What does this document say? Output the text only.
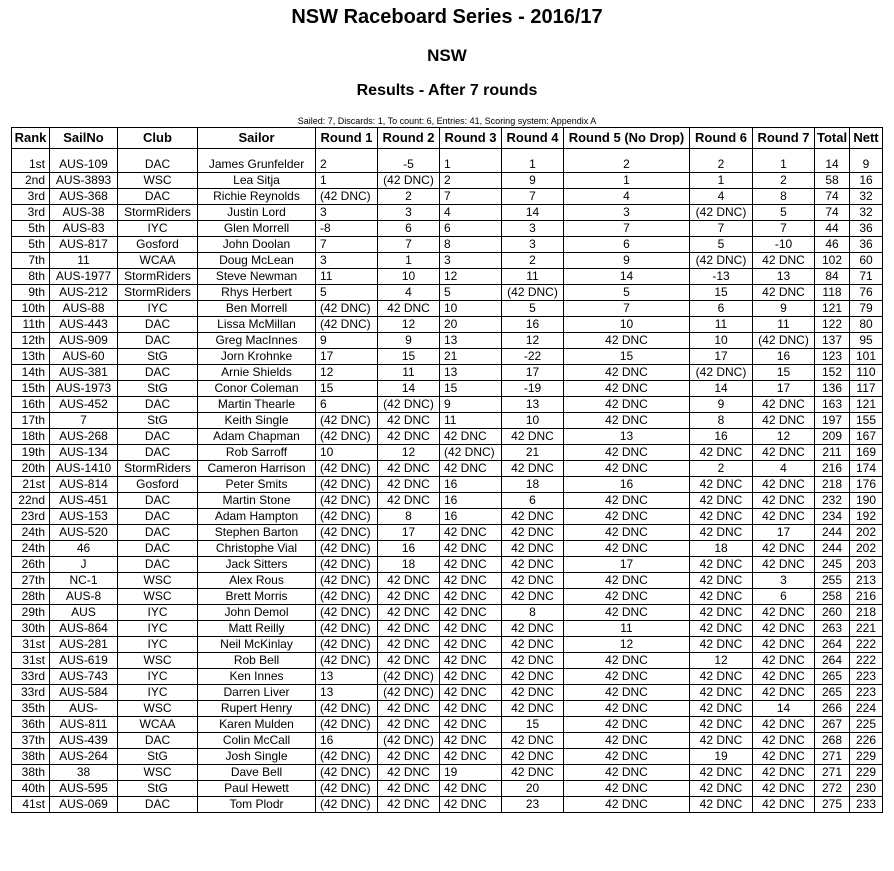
NSW Raceboard Series - 2016/17
NSW
Results - After 7 rounds
Sailed: 7, Discards: 1, To count: 6, Entries: 41, Scoring system: Appendix A
Rank	SailNo	Club	Sailor	Round 1	Round 2	Round 3	Round 4	Round 5 (No Drop)	Round 6	Round 7	Total	Nett
1st	AUS-109	DAC	James Grunfelder	2	-5	1	1	2	2	1	14	9
2nd	AUS-3893	WSC	Lea Sitja	1	(42 DNC)	2	9	1	1	2	58	16
3rd	AUS-368	DAC	Richie Reynolds	(42 DNC)	2	7	7	4	4	8	74	32
3rd	AUS-38	StormRiders	Justin Lord	3	3	4	14	3	(42 DNC)	5	74	32
5th	AUS-83	IYC	Glen Morrell	-8	6	6	3	7	7	7	44	36
5th	AUS-817	Gosford	John Doolan	7	7	8	3	6	5	-10	46	36
7th	11	WCAA	Doug McLean	3	1	3	2	9	(42 DNC)	42 DNC	102	60
8th	AUS-1977	StormRiders	Steve Newman	11	10	12	11	14	-13	13	84	71
9th	AUS-212	StormRiders	Rhys Herbert	5	4	5	(42 DNC)	5	15	42 DNC	118	76
10th	AUS-88	IYC	Ben Morrell	(42 DNC)	42 DNC	10	5	7	6	9	121	79
11th	AUS-443	DAC	Lissa McMillan	(42 DNC)	12	20	16	10	11	11	122	80
12th	AUS-909	DAC	Greg MacInnes	9	9	13	12	42 DNC	10	(42 DNC)	137	95
13th	AUS-60	StG	Jorn Krohnke	17	15	21	-22	15	17	16	123	101
14th	AUS-381	DAC	Arnie Shields	12	11	13	17	42 DNC	(42 DNC)	15	152	110
15th	AUS-1973	StG	Conor Coleman	15	14	15	-19	42 DNC	14	17	136	117
16th	AUS-452	DAC	Martin Thearle	6	(42 DNC)	9	13	42 DNC	9	42 DNC	163	121
17th	7	StG	Keith Single	(42 DNC)	42 DNC	11	10	42 DNC	8	42 DNC	197	155
18th	AUS-268	DAC	Adam Chapman	(42 DNC)	42 DNC	42 DNC	42 DNC	13	16	12	209	167
19th	AUS-134	DAC	Rob Sarroff	10	12	(42 DNC)	21	42 DNC	42 DNC	42 DNC	211	169
20th	AUS-1410	StormRiders	Cameron Harrison	(42 DNC)	42 DNC	42 DNC	42 DNC	42 DNC	2	4	216	174
21st	AUS-814	Gosford	Peter Smits	(42 DNC)	42 DNC	16	18	16	42 DNC	42 DNC	218	176
22nd	AUS-451	DAC	Martin Stone	(42 DNC)	42 DNC	16	6	42 DNC	42 DNC	42 DNC	232	190
23rd	AUS-153	DAC	Adam Hampton	(42 DNC)	8	16	42 DNC	42 DNC	42 DNC	42 DNC	234	192
24th	AUS-520	DAC	Stephen Barton	(42 DNC)	17	42 DNC	42 DNC	42 DNC	42 DNC	17	244	202
24th	46	DAC	Christophe Vial	(42 DNC)	16	42 DNC	42 DNC	42 DNC	18	42 DNC	244	202
26th	J	DAC	Jack Sitters	(42 DNC)	18	42 DNC	42 DNC	17	42 DNC	42 DNC	245	203
27th	NC-1	WSC	Alex Rous	(42 DNC)	42 DNC	42 DNC	42 DNC	42 DNC	42 DNC	3	255	213
28th	AUS-8	WSC	Brett Morris	(42 DNC)	42 DNC	42 DNC	42 DNC	42 DNC	42 DNC	6	258	216
29th	AUS	IYC	John Demol	(42 DNC)	42 DNC	42 DNC	8	42 DNC	42 DNC	42 DNC	260	218
30th	AUS-864	IYC	Matt Reilly	(42 DNC)	42 DNC	42 DNC	42 DNC	11	42 DNC	42 DNC	263	221
31st	AUS-281	IYC	Neil McKinlay	(42 DNC)	42 DNC	42 DNC	42 DNC	12	42 DNC	42 DNC	264	222
31st	AUS-619	WSC	Rob Bell	(42 DNC)	42 DNC	42 DNC	42 DNC	42 DNC	12	42 DNC	264	222
33rd	AUS-743	IYC	Ken Innes	13	(42 DNC)	42 DNC	42 DNC	42 DNC	42 DNC	42 DNC	265	223
33rd	AUS-584	IYC	Darren Liver	13	(42 DNC)	42 DNC	42 DNC	42 DNC	42 DNC	42 DNC	265	223
35th	AUS-	WSC	Rupert Henry	(42 DNC)	42 DNC	42 DNC	42 DNC	42 DNC	42 DNC	14	266	224
36th	AUS-811	WCAA	Karen Mulden	(42 DNC)	42 DNC	42 DNC	15	42 DNC	42 DNC	42 DNC	267	225
37th	AUS-439	DAC	Colin McCall	16	(42 DNC)	42 DNC	42 DNC	42 DNC	42 DNC	42 DNC	268	226
38th	AUS-264	StG	Josh Single	(42 DNC)	42 DNC	42 DNC	42 DNC	42 DNC	19	42 DNC	271	229
38th	38	WSC	Dave Bell	(42 DNC)	42 DNC	19	42 DNC	42 DNC	42 DNC	42 DNC	271	229
40th	AUS-595	StG	Paul Hewett	(42 DNC)	42 DNC	42 DNC	20	42 DNC	42 DNC	42 DNC	272	230
41st	AUS-069	DAC	Tom Plodr	(42 DNC)	42 DNC	42 DNC	23	42 DNC	42 DNC	42 DNC	275	233
